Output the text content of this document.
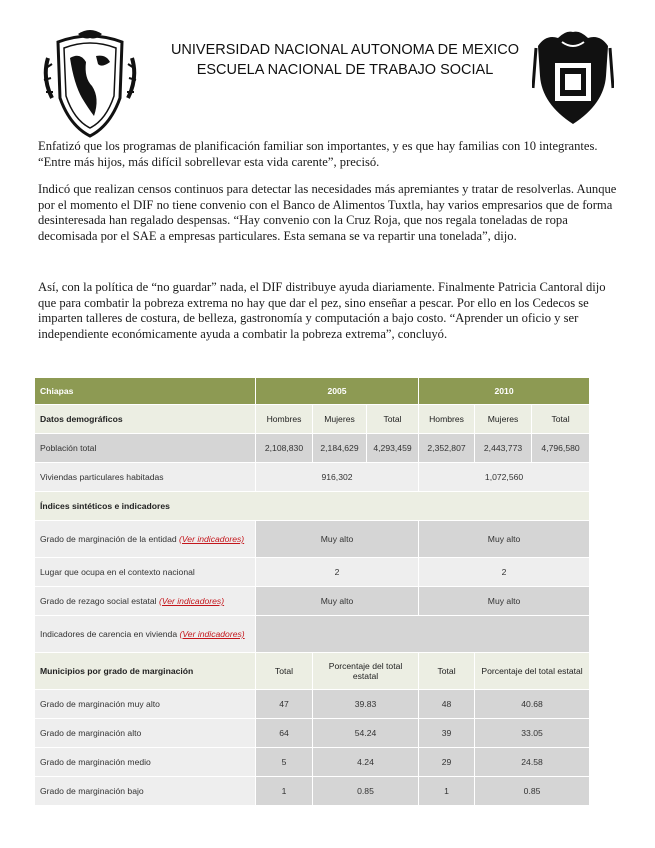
UNIVERSIDAD NACIONAL AUTONOMA DE MEXICO
ESCUELA NACIONAL DE TRABAJO SOCIAL

Enfatizó que los programas de planificación familiar son importantes, y es que hay familias con 10 integrantes. “Entre más hijos, más difícil sobrellevar esta vida carente”, precisó.

Indicó que realizan censos continuos para detectar las necesidades más apremiantes y tratar de resolverlas. Aunque por el momento el DIF no tiene convenio con el Banco de Alimentos Tuxtla, hay varios empresarios que de forma desinteresada han regalado despensas. “Hay convenio con la Cruz Roja, que nos regala toneladas de ropa decomisada por el SAE a empresas particulares. Esta semana se va repartir una tonelada”, dijo.

Así, con la política de “no guardar” nada, el DIF distribuye ayuda diariamente. Finalmente Patricia Cantoral dijo que para combatir la pobreza extrema no hay que dar el pez, sino enseñar a pescar. Por ello en los Cedecos se imparten talleres de costura, de belleza, gastronomía y computación a bajo costo. “Aprender un oficio y ser independiente económicamente ayuda a combatir la pobreza extrema”, concluyó.

Chiapas	2005			2010		
Datos demográficos	Hombres	Mujeres	Total	Hombres	Mujeres	Total
Población total	2,108,830	2,184,629	4,293,459	2,352,807	2,443,773	4,796,580
Viviendas particulares habitadas	916,302			1,072,560		
Índices sintéticos e indicadores						
Grado de marginación de la entidad (Ver indicadores)	Muy alto			Muy alto		
Lugar que ocupa en el contexto nacional	2			2		
Grado de rezago social estatal (Ver indicadores)	Muy alto			Muy alto		
Indicadores de carencia en vivienda (Ver indicadores)						
Municipios por grado de marginación	Total	Porcentaje del total estatal		Total	Porcentaje del total estatal	
Grado de marginación muy alto	47	39.83		48	40.68	
Grado de marginación alto	64	54.24		39	33.05	
Grado de marginación medio	5	4.24		29	24.58	
Grado de marginación bajo	1	0.85		1	0.85	
